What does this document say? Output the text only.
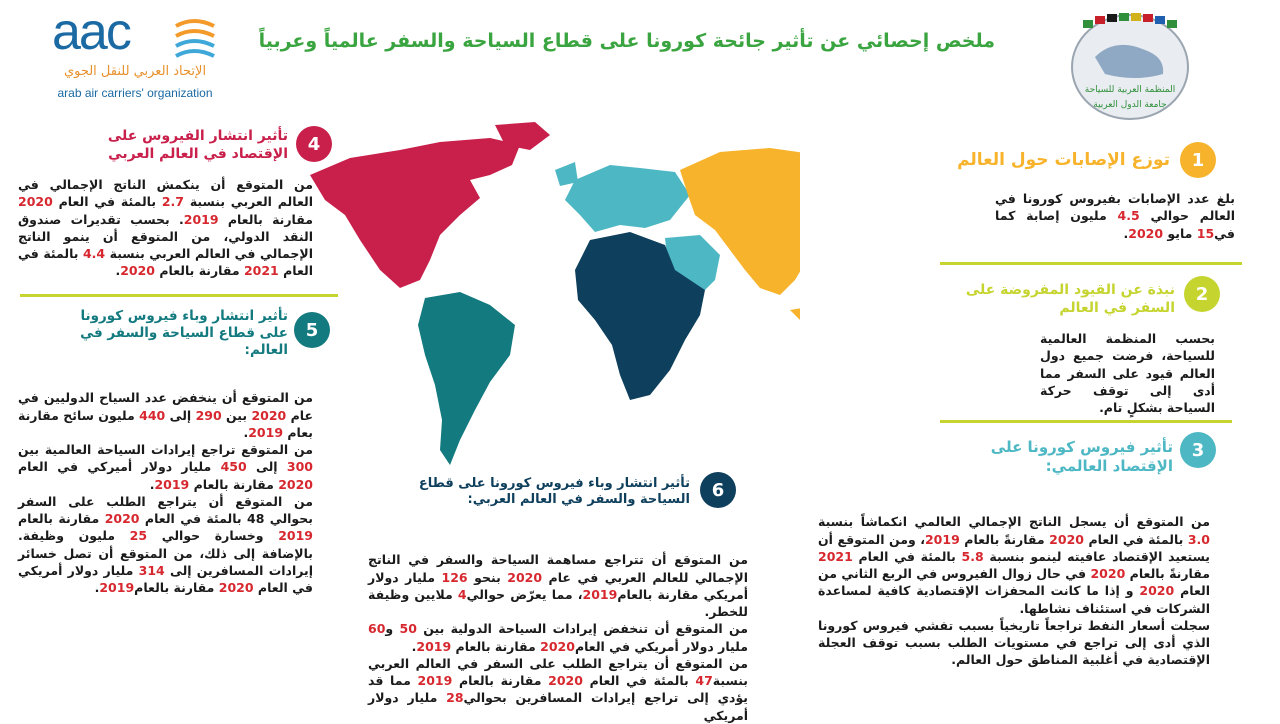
ملخص إحصائي عن تأثير جائحة كورونا على قطاع السياحة والسفر عالمياً وعربياً
aac
الإتحاد العربي للنقل الجوي
arab air carriers' organization	المنظمة العربية للسياحة
جامعة الدول العربية
1
توزع الإصابات حول العالم
بلغ عدد الإصابات بفيروس كورونا في العالم حوالي 4.5 مليون إصابة كما في15 مايو 2020.
2
نبذة عن القيود المفروضة على السفر في العالم
بحسب المنظمة العالمية للسياحة، فرضت جميع دول العالم قيود على السفر مما أدى إلى توقف حركة السياحة بشكلٍ تام.
3
تأثير فيروس كورونا على الإقتصاد العالمي:

من المتوقع أن يسجل الناتج الإجمالي العالمي انكماشاً بنسبة 3.0 بالمئة في العام 2020 مقارنةً بالعام 2019، ومن المتوقع أن يستعيد الإقتصاد عافيته لينمو بنسبة 5.8 بالمئة في العام 2021 مقارنةً بالعام 2020 في حال زوال الفيروس في الربع الثاني من العام 2020 و إذا ما كانت المحفزات الإقتصادية كافية لمساعدة الشركات في استئناف نشاطها.
سجلت أسعار النفط تراجعاً تاريخياً بسبب تفشي فيروس كورونا الذي أدى إلى تراجع في مستويات الطلب بسبب توقف العجلة الإقتصادية في أغلبية المناطق حول العالم.

4
تأثير انتشار الفيروس على الإقتصاد في العالم العربي
من المتوقع أن ينكمش الناتج الإجمالي في العالم العربي بنسبة 2.7 بالمئة في العام 2020 مقارنة بالعام 2019. بحسب تقديرات صندوق النقد الدولي، من المتوقع أن ينمو الناتج الإجمالي في العالم العربي بنسبة 4.4 بالمئة في العام 2021 مقارنة بالعام 2020.
5
تأثير انتشار وباء فيروس كورونا على قطاع السياحة والسفر في العالم:

من المتوقع أن ينخفض عدد السياح الدوليين في عام 2020 بين 290 إلى 440 مليون سائح مقارنة بعام 2019.
من المتوقع تراجع إيرادات السياحة العالمية بين 300 إلى 450 مليار دولار أميركي في العام 2020 مقارنة بالعام 2019.
من المتوقع أن يتراجع الطلب على السفر بحوالي 48 بالمئة في العام 2020 مقارنة بالعام 2019 وخسارة حوالي 25 مليون وظيفة. بالإضافة إلى ذلك، من المتوقع أن تصل خسائر إيرادات المسافرين إلى 314 مليار دولار أمريكي في العام 2020 مقارنة بالعام2019.

6
تأثير انتشار وباء فيروس كورونا على قطاع السياحة والسفر في العالم العربي:

من المتوقع أن تتراجع مساهمة السياحة والسفر في الناتج الإجمالي للعالم العربي في عام 2020 بنحو 126 مليار دولار أمريكي مقارنة بالعام2019، مما يعرّض حوالي4 ملايين وظيفة للخطر.
من المتوقع أن تنخفض إيرادات السياحة الدولية بين 50 و60 مليار دولار أمريكي في العام2020 مقارنة بالعام 2019.
من المتوقع أن يتراجع الطلب على السفر في العالم العربي بنسبة47 بالمئة في العام 2020 مقارنة بالعام 2019 مما قد يؤدي إلى تراجع إيرادات المسافرين بحوالي28 مليار دولار أمريكي
